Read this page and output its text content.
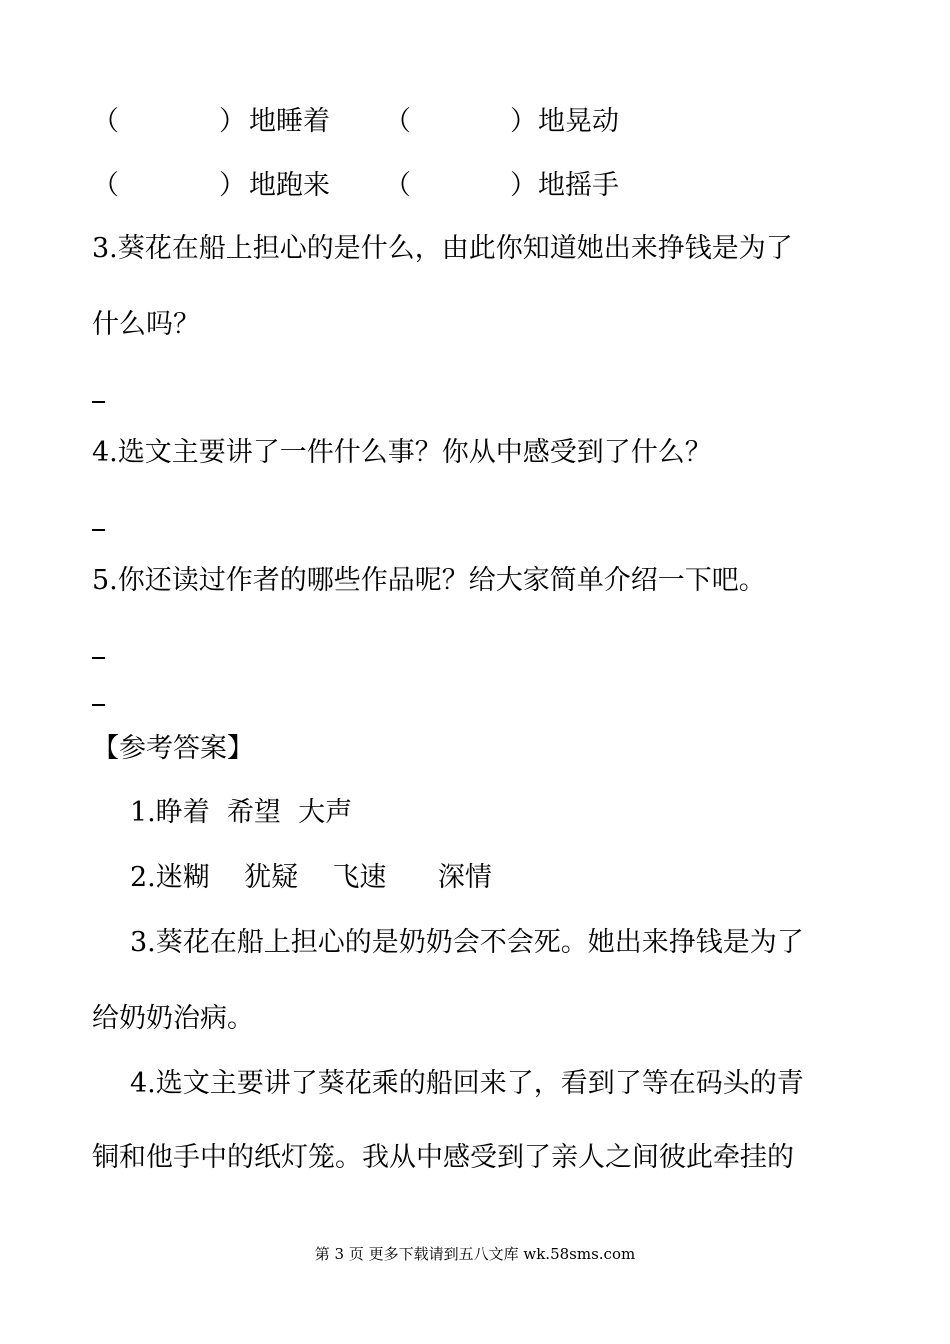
（	） 地睡着 （	） 地晃动
（	） 地跑来 （	） 地摇手

3.葵花在船上担心的是什么，由此你知道她出来挣钱是为了

什么吗？

4.选文主要讲了一件什么事？你从中感受到了什么？

5.你还读过作者的哪些作品呢？给大家简单介绍一下吧。

【参考答案】

1.睁着  希望  大声

2.迷糊    犹疑    飞速      深情

3.葵花在船上担心的是奶奶会不会死。她出来挣钱是为了

给奶奶治病。

4.选文主要讲了葵花乘的船回来了，看到了等在码头的青

铜和他手中的纸灯笼。我从中感受到了亲人之间彼此牵挂的

第 3 页 更多下载请到五八文库 wk.58sms.com
